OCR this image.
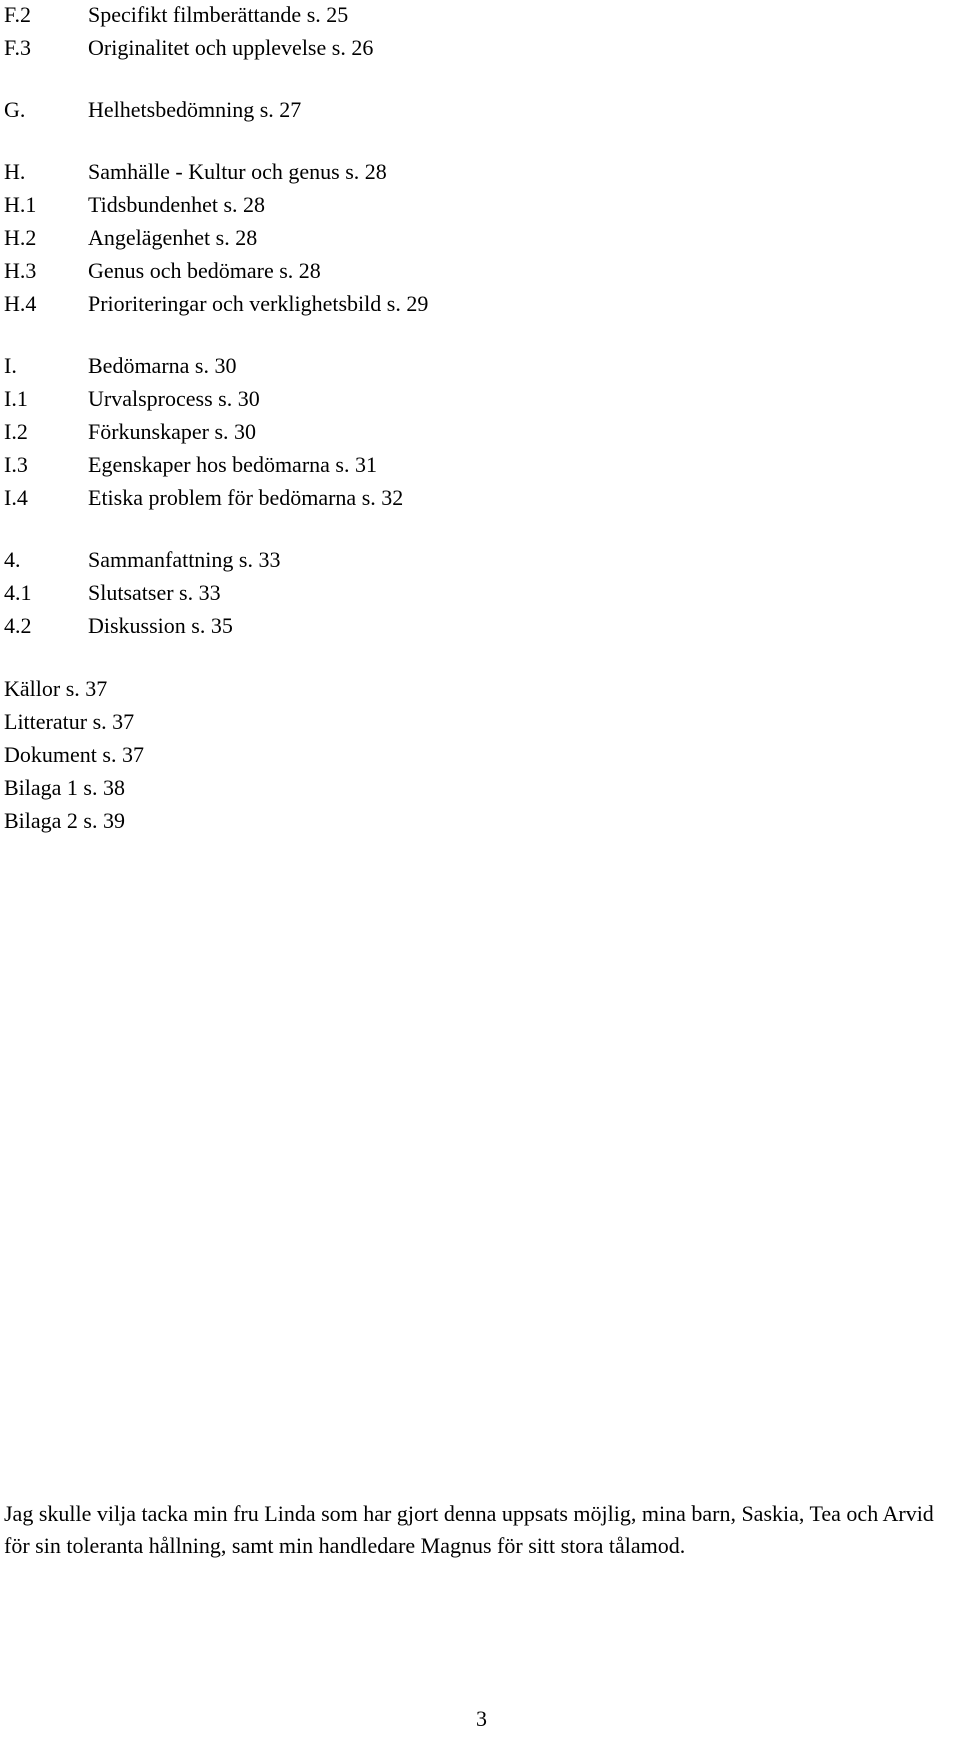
F.2	Specifikt filmberättande s. 25
F.3	Originalitet och upplevelse s. 26
G.	Helhetsbedömning s. 27
H.	Samhälle - Kultur och genus s. 28
H.1 Tidsbundenhet s. 28
H.2 Angelägenhet s. 28
H.3 Genus och bedömare s. 28
H.4 Prioriteringar och verklighetsbild s. 29
I.	Bedömarna s. 30
I.1	Urvalsprocess s. 30
I.2	Förkunskaper s. 30
I.3	Egenskaper hos bedömarna s. 31
I.4	Etiska problem för bedömarna s. 32
4.	Sammanfattning s. 33
4.1	Slutsatser s. 33
4.2	Diskussion s. 35
Källor s. 37
Litteratur s. 37
Dokument s. 37
Bilaga 1 s. 38
Bilaga 2 s. 39

Jag skulle vilja tacka min fru Linda som har gjort denna uppsats möjlig, mina barn, Saskia, Tea och Arvid för sin toleranta hållning, samt min handledare Magnus för sitt stora tålamod.

3
